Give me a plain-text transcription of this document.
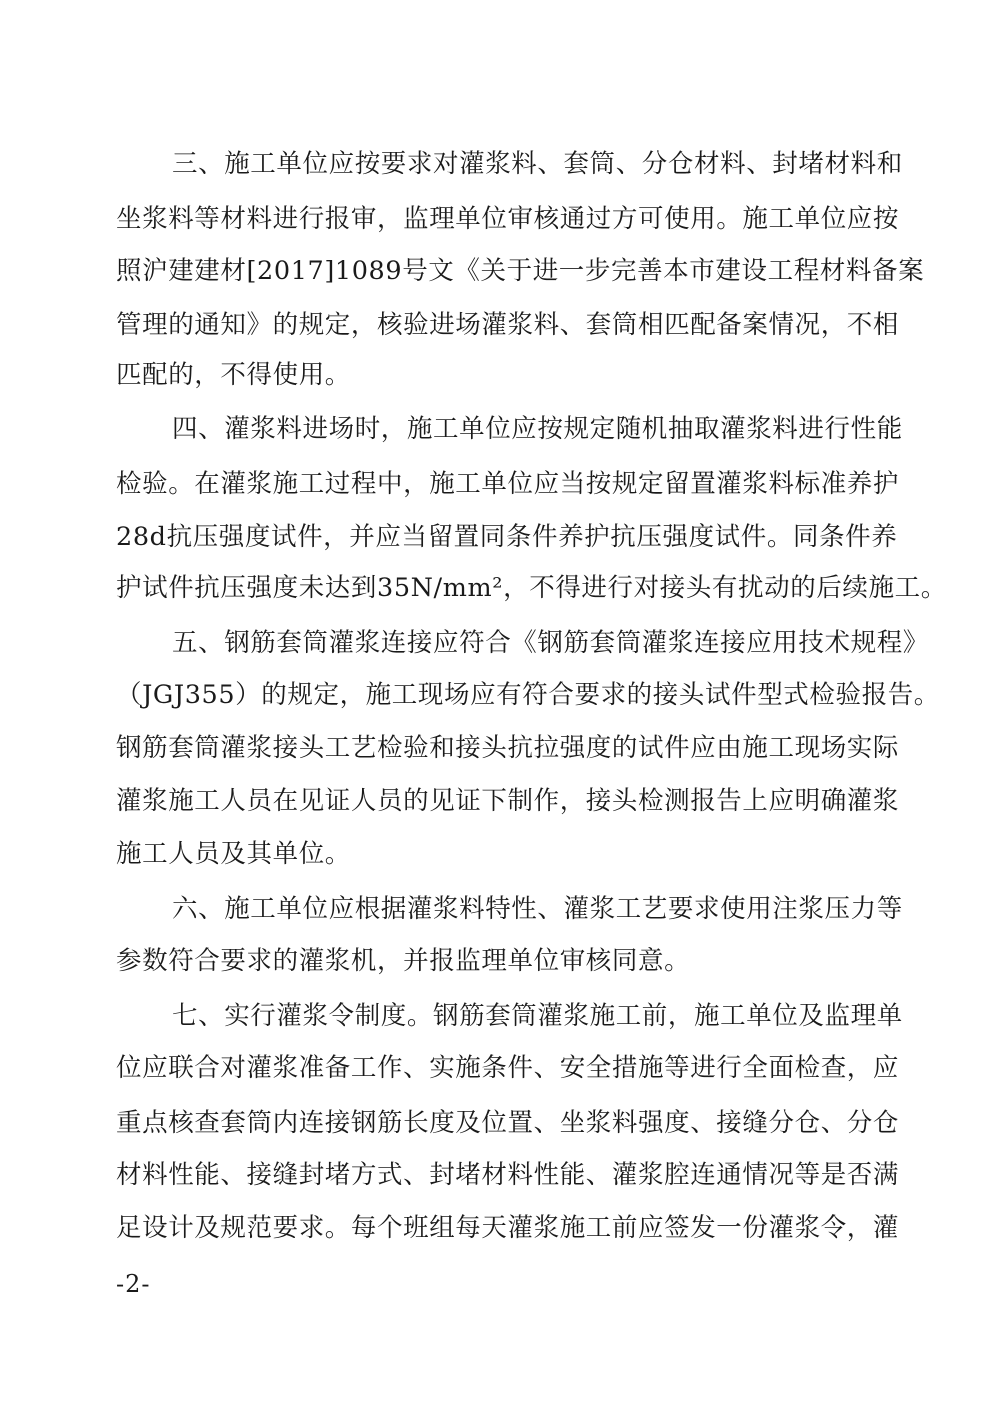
三、施工单位应按要求对灌浆料、套筒、分仓材料、封堵材料和
坐浆料等材料进行报审，监理单位审核通过方可使用。施工单位应按
照沪建建材[2017]1089号文《关于进一步完善本市建设工程材料备案
管理的通知》的规定，核验进场灌浆料、套筒相匹配备案情况，不相
匹配的，不得使用。
四、灌浆料进场时，施工单位应按规定随机抽取灌浆料进行性能
检验。在灌浆施工过程中，施工单位应当按规定留置灌浆料标准养护
28d抗压强度试件，并应当留置同条件养护抗压强度试件。同条件养
护试件抗压强度未达到35N/mm²，不得进行对接头有扰动的后续施工。
五、钢筋套筒灌浆连接应符合《钢筋套筒灌浆连接应用技术规程》
（JGJ355）的规定，施工现场应有符合要求的接头试件型式检验报告。
钢筋套筒灌浆接头工艺检验和接头抗拉强度的试件应由施工现场实际
灌浆施工人员在见证人员的见证下制作，接头检测报告上应明确灌浆
施工人员及其单位。
六、施工单位应根据灌浆料特性、灌浆工艺要求使用注浆压力等
参数符合要求的灌浆机，并报监理单位审核同意。
七、实行灌浆令制度。钢筋套筒灌浆施工前，施工单位及监理单
位应联合对灌浆准备工作、实施条件、安全措施等进行全面检查，应
重点核查套筒内连接钢筋长度及位置、坐浆料强度、接缝分仓、分仓
材料性能、接缝封堵方式、封堵材料性能、灌浆腔连通情况等是否满
足设计及规范要求。每个班组每天灌浆施工前应签发一份灌浆令，灌
-2-
